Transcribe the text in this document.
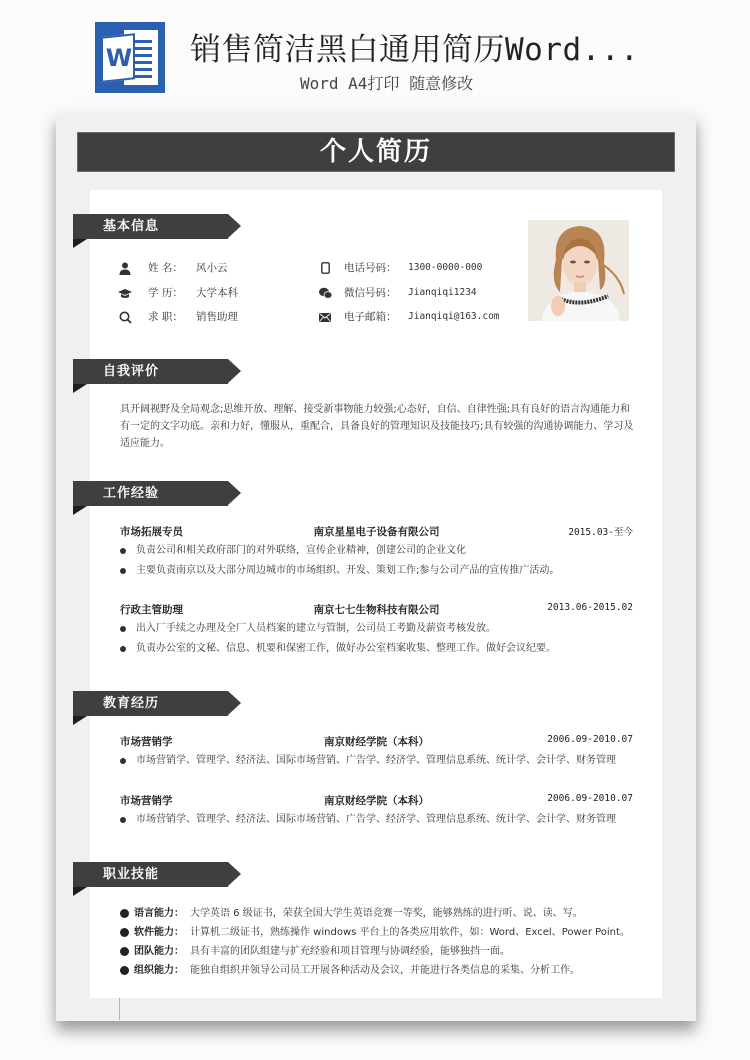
W 销售简洁黑白通用简历Word...
Word A4打印 随意修改
个人简历
基本信息
姓 名： 风小云
学 历： 大学本科
求 职： 销售助理
电话号码： 1300-0000-000
微信号码： Jianqiqi1234
电子邮箱： Jianqiqi@163.com
自我评价
具开阔视野及全局观念;思维开放、理解、接受新事物能力较强;心态好，自信、自律性强;具有良好的语言沟通能力和有一定的文字功底。亲和力好，懂服从，重配合，具备良好的管理知识及技能技巧;具有较强的沟通协调能力、学习及适应能力。
工作经验
市场拓展专员	南京星星电子设备有限公司	2015.03-至今
负责公司和相关政府部门的对外联络，宣传企业精神，创建公司的企业文化
主要负责南京以及大部分周边城市的市场组织、开发、策划工作;参与公司产品的宣传推广活动。
行政主管助理	南京七七生物科技有限公司	2013.06-2015.02
出入厂手续之办理及全厂人员档案的建立与管制，公司员工考勤及薪资考核发放。
负责办公室的文秘、信息、机要和保密工作，做好办公室档案收集、整理工作。做好会议纪要。
教育经历
市场营销学	南京财经学院（本科）	2006.09-2010.07
市场营销学、管理学、经济法、国际市场营销、广告学、经济学、管理信息系统、统计学、会计学、财务管理
市场营销学	南京财经学院（本科）	2006.09-2010.07
市场营销学、管理学、经济法、国际市场营销、广告学、经济学、管理信息系统、统计学、会计学、财务管理
职业技能
语言能力： 大学英语 6 级证书，荣获全国大学生英语竞赛一等奖，能够熟练的进行听、说、读、写。
软件能力： 计算机二级证书，熟练操作 windows 平台上的各类应用软件，如：Word、Excel、Power Point。
团队能力： 具有丰富的团队组建与扩充经验和项目管理与协调经验，能够独挡一面。
组织能力： 能独自组织并领导公司员工开展各种活动及会议，并能进行各类信息的采集、分析工作。
